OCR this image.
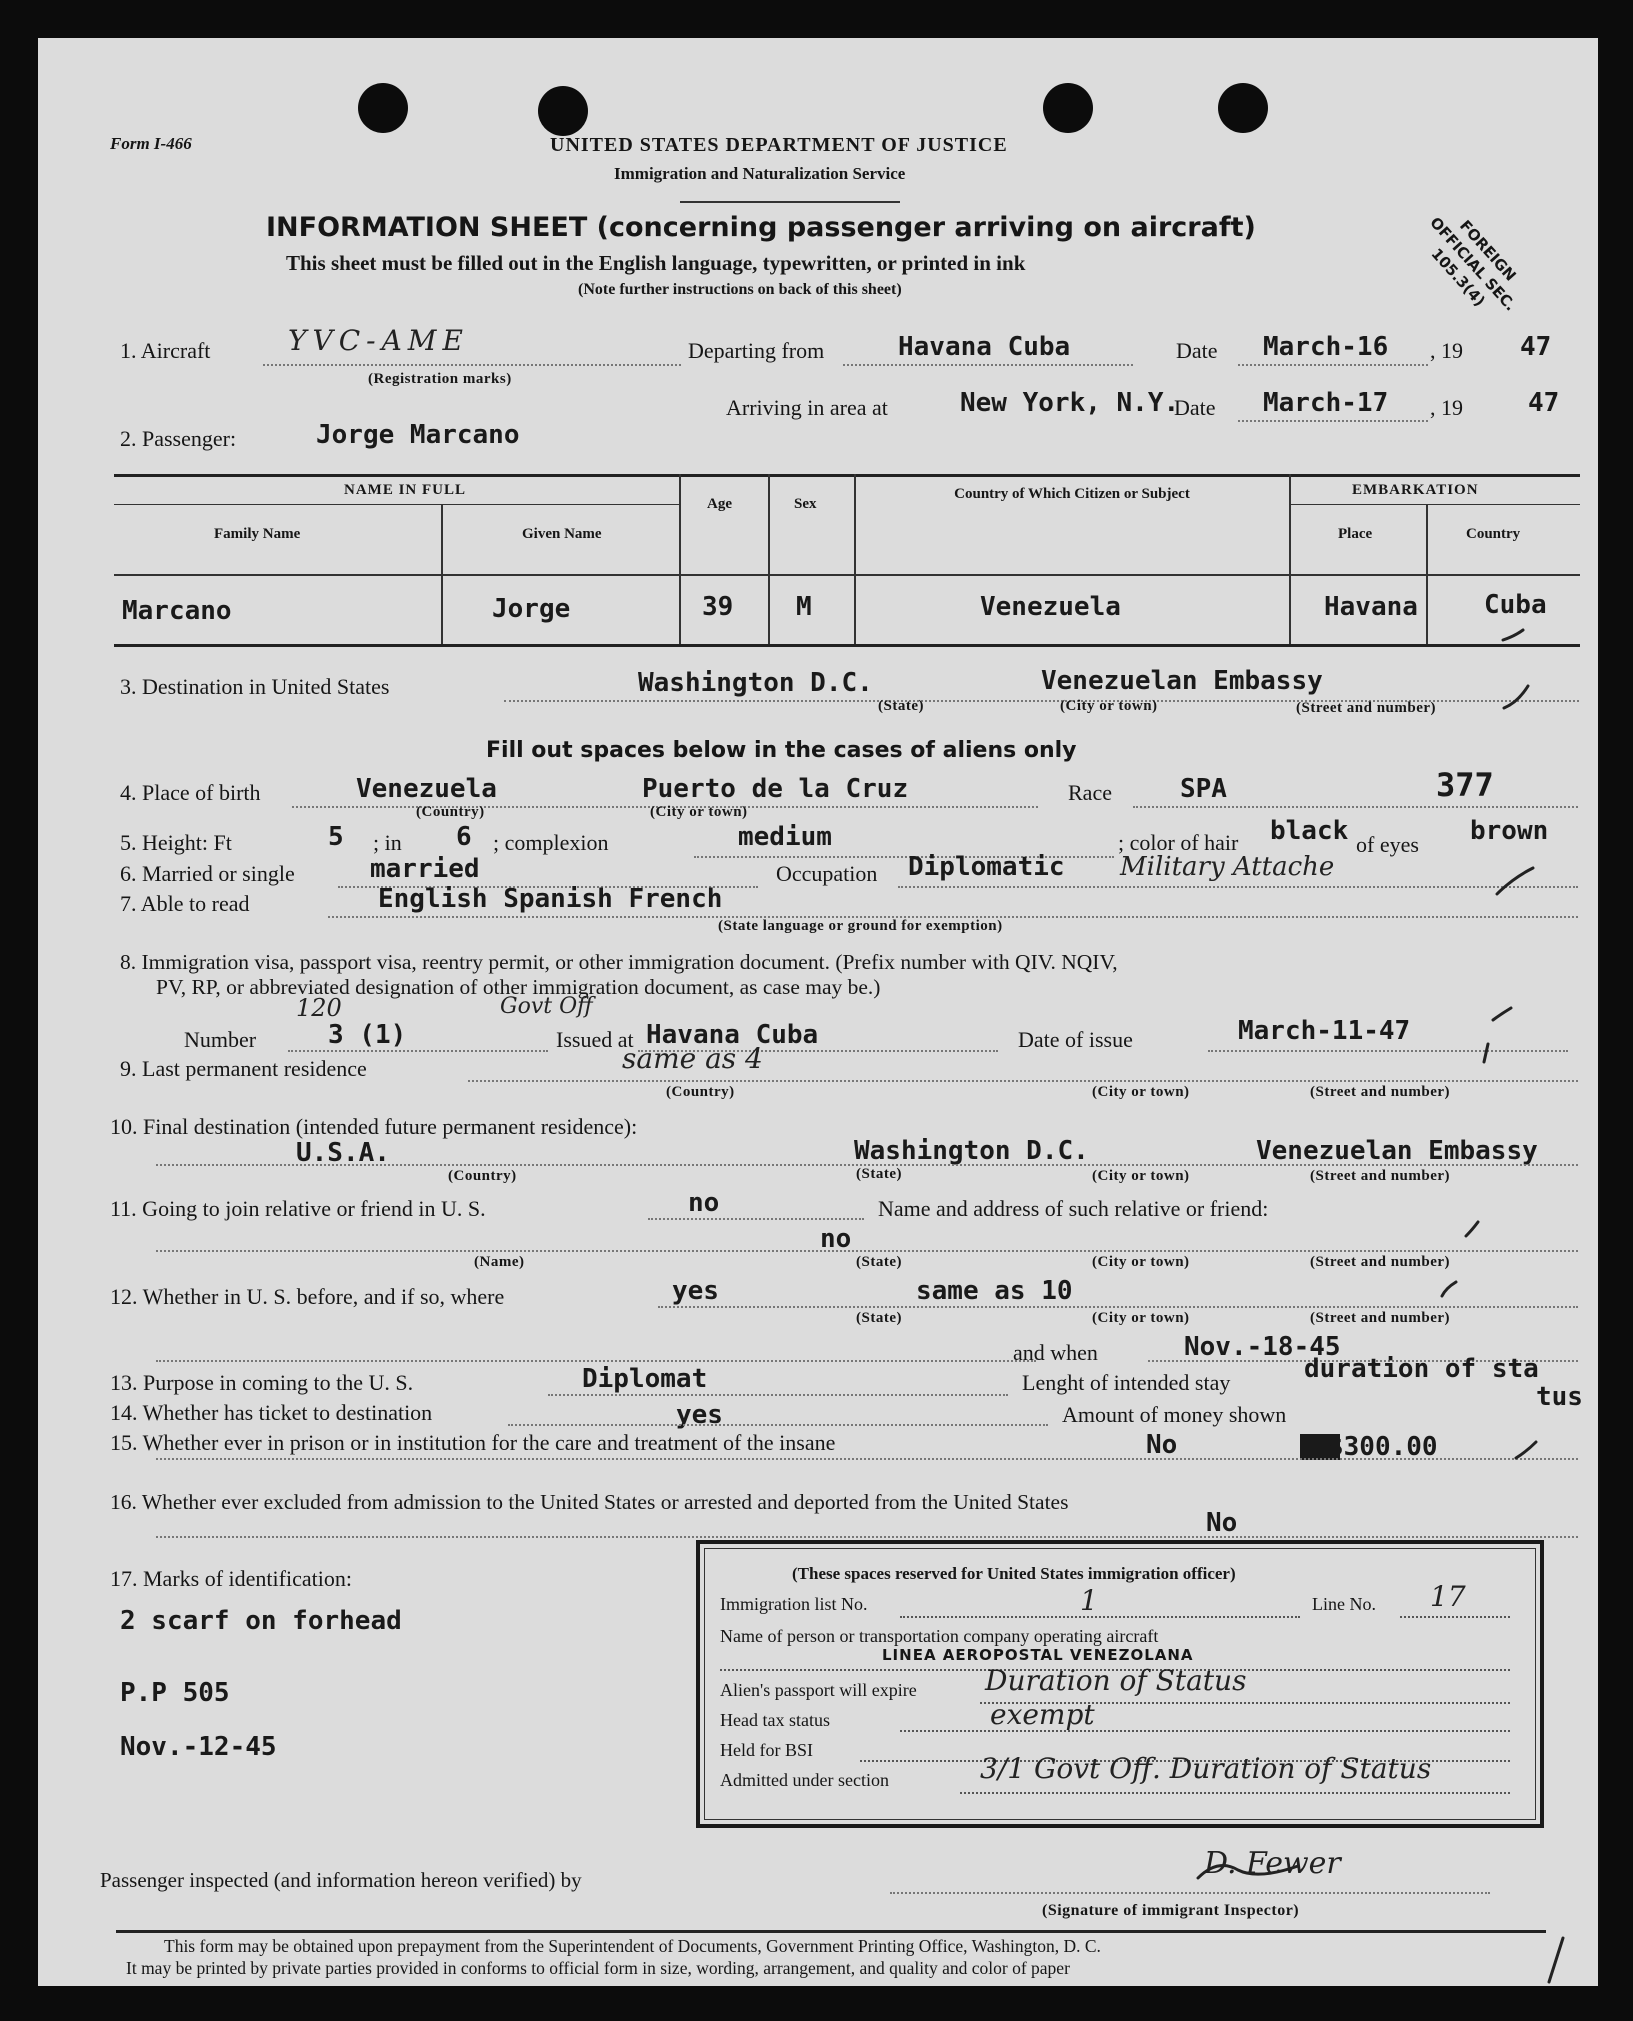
Form I-466	UNITED STATES DEPARTMENT OF JUSTICE
Immigration and Naturalization Service
INFORMATION SHEET (concerning passenger arriving on aircraft)
This sheet must be filled out in the English language, typewritten, or printed in ink
(Note further instructions on back of this sheet)
FOREIGN OFFICIAL SEC. 105.3(4)
1. Aircraft	YVC-AME
(Registration marks)
Departing from	Havana Cuba	Date March-16 , 19 47
Arriving in area at	New York, N.Y.
Date March-17 , 19	47
2. Passenger:	Jorge Marcano
NAME IN FULL
Family Name	Given Name
Age	Sex
Country of Which Citizen or Subject	EMBARKATION
Place	Country
Marcano	Jorge	39 M	Venezuela	Havana	Cuba
3. Destination in United States	Washington D.C.	Venezuelan Embassy
(State)	(City or town)	(Street and number)
Fill out spaces below in the cases of aliens only
4. Place of birth	Venezuela	Puerto de la Cruz	Race	SPA	377
(Country)	(City or town)
5. Height: Ft	5 ; in 6 ; complexion	medium	; color of hair black of eyes brown
6. Married or single	married	Occupation Diplomatic Military Attache
7. Able to read	English Spanish French
(State language or ground for exemption)
8. Immigration visa, passport visa, reentry permit, or other immigration document. (Prefix number with QIV. NQIV,
PV, RP, or abbreviated designation of other immigration document, as case may be.)
Number
120	Govt Off
3 (1)	Issued at Havana Cuba	Date of issue	March-11-47
9. Last permanent residence	same as 4
(Country)	(City or town)	(Street and number)
10. Final destination (intended future permanent residence):
U.S.A.	Washington D.C.	Venezuelan Embassy
(Country)	(State)	(City or town)	(Street and number)
11. Going to join relative or friend in U. S.	no	Name and address of such relative or friend:
no
(Name)	(State)	(City or town)	(Street and number)
12. Whether in U. S. before, and if so, where	yes	same as 10
(State)	(City or town)	(Street and number)
and when	Nov.-18-45
13. Purpose in coming to the U. S.	Diplomat	Lenght of intended stay	duration of sta
tus
14. Whether has ticket to destination	yes	Amount of money shown
15. Whether ever in prison or in institution for the care and treatment of the insane	No	$300.00
16. Whether ever excluded from admission to the United States or arrested and deported from the United States
No
17. Marks of identification:
2 scarf on forhead
P.P 505
Nov.-12-45
(These spaces reserved for United States immigration officer)
Immigration list No.	1	Line No. 17
Name of person or transportation company operating aircraft
LINEA AEROPOSTAL VENEZOLANA
Alien's passport will expire Duration of Status
Head tax status	exempt
Held for BSI
Admitted under section	3/1 Govt Off. Duration of Status
Passenger inspected (and information hereon verified) by	D. Fewer
(Signature of immigrant Inspector)
This form may be obtained upon prepayment from the Superintendent of Documents, Government Printing Office, Washington, D. C.
It may be printed by private parties provided in conforms to official form in size, wording, arrangement, and quality and color of paper
